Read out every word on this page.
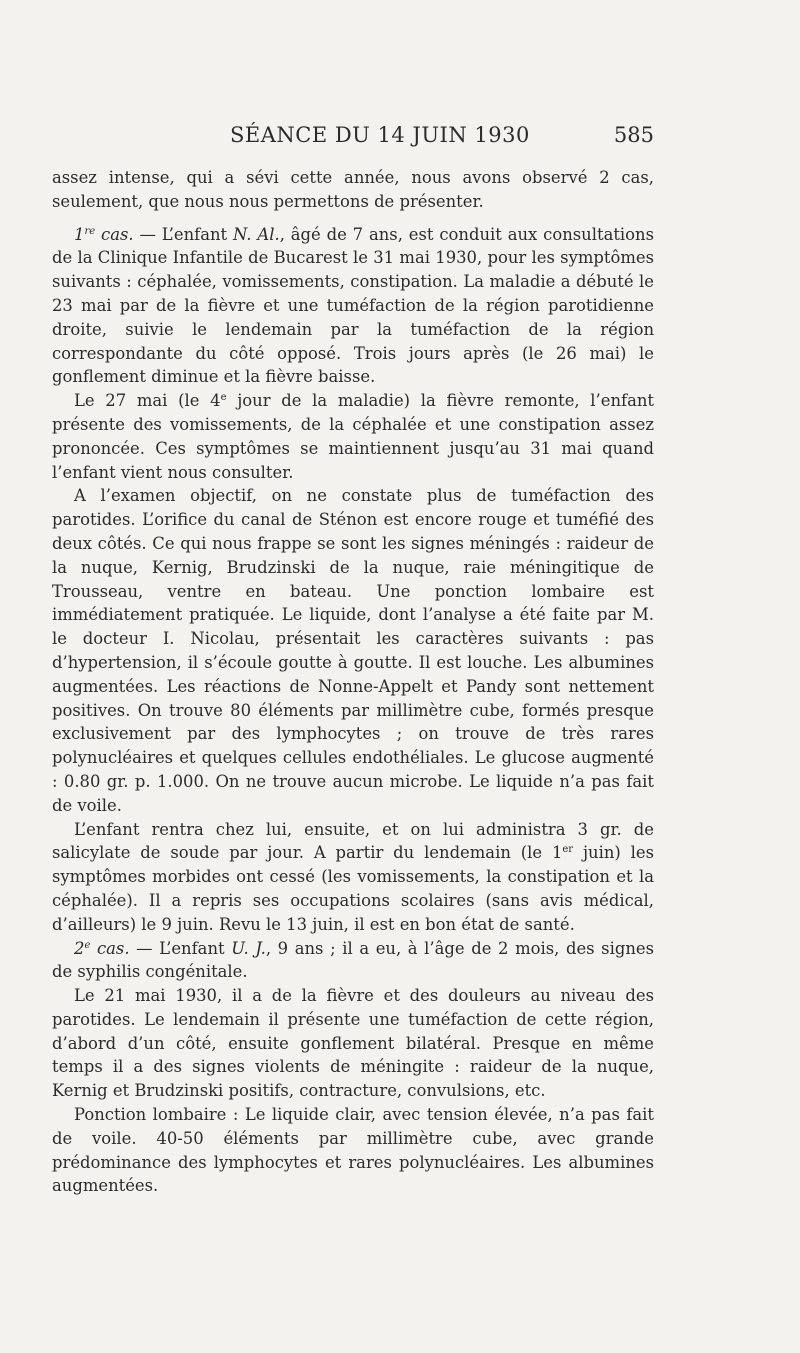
SÉANCE DU 14 JUIN 1930	585

assez intense, qui a sévi cette année, nous avons observé 2 cas, seulement, que nous nous permettons de présenter.

1re cas. — L’enfant N. Al., âgé de 7 ans, est conduit aux consultations de la Clinique Infantile de Bucarest le 31 mai 1930, pour les symptômes suivants : céphalée, vomissements, constipation. La maladie a débuté le 23 mai par de la fièvre et une tuméfaction de la région parotidienne droite, suivie le lendemain par la tuméfaction de la région correspondante du côté opposé. Trois jours après (le 26 mai) le gonflement diminue et la fièvre baisse.

Le 27 mai (le 4e jour de la maladie) la fièvre remonte, l’enfant présente des vomissements, de la céphalée et une constipation assez prononcée. Ces symptômes se maintiennent jusqu’au 31 mai quand l’enfant vient nous consulter.

A l’examen objectif, on ne constate plus de tuméfaction des parotides. L’orifice du canal de Sténon est encore rouge et tuméfié des deux côtés. Ce qui nous frappe se sont les signes méningés : raideur de la nuque, Kernig, Brudzinski de la nuque, raie méningitique de Trousseau, ventre en bateau. Une ponction lombaire est immédiatement pratiquée. Le liquide, dont l’analyse a été faite par M. le docteur I. Nicolau, présentait les caractères suivants : pas d’hypertension, il s’écoule goutte à goutte. Il est louche. Les albumines augmentées. Les réactions de Nonne-Appelt et Pandy sont nettement positives. On trouve 80 éléments par millimètre cube, formés presque exclusivement par des lymphocytes ; on trouve de très rares polynucléaires et quelques cellules endothéliales. Le glucose augmenté : 0.80 gr. p. 1.000. On ne trouve aucun microbe. Le liquide n’a pas fait de voile.

L’enfant rentra chez lui, ensuite, et on lui administra 3 gr. de salicylate de soude par jour. A partir du lendemain (le 1er juin) les symptômes morbides ont cessé (les vomissements, la constipation et la céphalée). Il a repris ses occupations scolaires (sans avis médical, d’ailleurs) le 9 juin. Revu le 13 juin, il est en bon état de santé.

2e cas. — L’enfant U. J., 9 ans ; il a eu, à l’âge de 2 mois, des signes de syphilis congénitale.

Le 21 mai 1930, il a de la fièvre et des douleurs au niveau des parotides. Le lendemain il présente une tuméfaction de cette région, d’abord d’un côté, ensuite gonflement bilatéral. Presque en même temps il a des signes violents de méningite : raideur de la nuque, Kernig et Brudzinski positifs, contracture, convulsions, etc.

Ponction lombaire : Le liquide clair, avec tension élevée, n’a pas fait de voile. 40-50 éléments par millimètre cube, avec grande prédominance des lymphocytes et rares polynucléaires. Les albumines augmentées.
